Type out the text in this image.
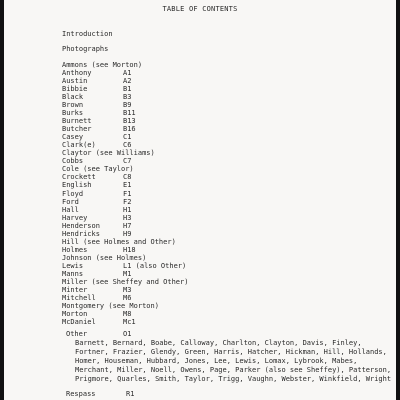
TABLE OF CONTENTS
Introduction
Photographs
Ammons (see Morton)
Anthony	A1
Austin	A2
Bibbie	B1
Black	B3
Brown	B9
Burks	B11
Burnett	B13
Butcher	B16
Casey	C1
Clark(e)	C6
Claytor (see Williams)
Cobbs	C7
Cole (see Taylor)
Crockett	C8
English	E1
Floyd	F1
Ford	F2
Hall	H1
Harvey	H3
Henderson	H7
Hendricks	H9
Hill (see Holmes and Other)
Holmes	H18
Johnson (see Holmes)
Lewis	L1 (also Other)
Manns	M1
Miller (see Sheffey and Other)
Minter	M3
Mitchell	M6
Montgomery (see Morton)
Morton	M8
McDaniel	Mc1
Other	O1
Barnett, Bernard, Boabe, Calloway, Charlton, Clayton, Davis, Finley, Fortner, Frazier, Glendy, Green, Harris, Hatcher, Hickman, Hill, Hollands, Homer, Houseman, Hubbard, Jones, Lee, Lewis, Lomax, Lybrook, Mabes, Merchant, Miller, Noell, Owens, Page, Parker (also see Sheffey), Patterson, Prigmore, Quarles, Smith, Taylor, Trigg, Vaughn, Webster, Winkfield, Wright
Respass	R1
